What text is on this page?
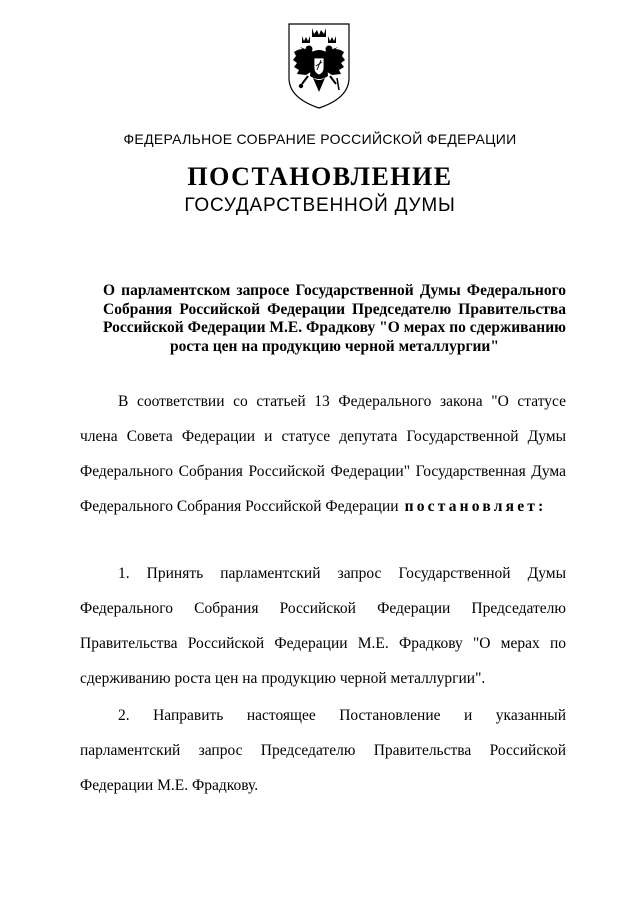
ФЕДЕРАЛЬНОЕ СОБРАНИЕ РОССИЙСКОЙ ФЕДЕРАЦИИ
ПОСТАНОВЛЕНИЕ
ГОСУДАРСТВЕННОЙ ДУМЫ
О парламентском запросе Государственной Думы Федерального Собрания Российской Федерации Председателю Правительства Российской Федерации М.Е. Фрадкову "О мерах по сдерживанию роста цен на продукцию черной металлургии"
В соответствии со статьей 13 Федерального закона "О статусе члена Совета Федерации и статусе депутата Государственной Думы Федерального Собрания Российской Федерации" Государственная Дума Федерального Собрания Российской Федерации постановляет:
1. Принять парламентский запрос Государственной Думы Федерального Собрания Российской Федерации Председателю Правительства Российской Федерации М.Е. Фрадкову "О мерах по сдерживанию роста цен на продукцию черной металлургии".
2. Направить настоящее Постановление и указанный парламентский запрос Председателю Правительства Российской Федерации М.Е. Фрадкову.
